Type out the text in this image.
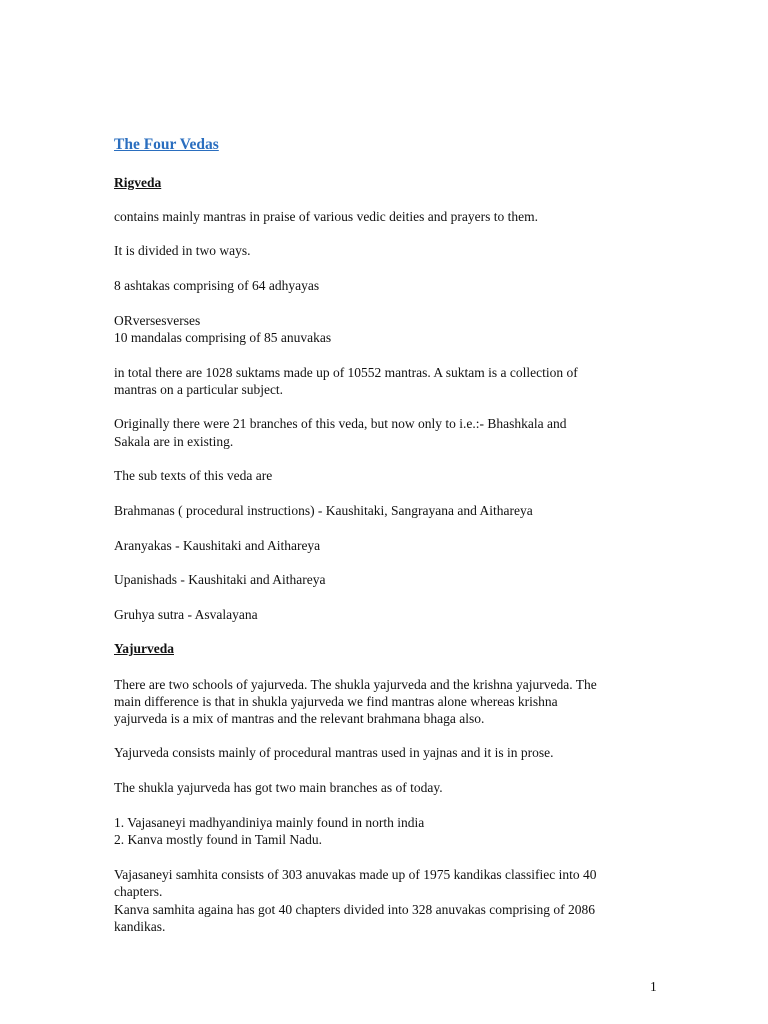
The Four Vedas
Rigveda
contains mainly mantras in praise of various vedic deities and prayers to them.
It is divided in two ways.
8 ashtakas comprising of 64 adhyayas
ORversesverses
10 mandalas comprising of 85 anuvakas
in total there are 1028 suktams made up of 10552 mantras. A suktam is a collection of
mantras on a particular subject.
Originally there were 21 branches of this veda, but now only to i.e.:- Bhashkala and
Sakala are in existing.
The sub texts of this veda are
Brahmanas ( procedural instructions) - Kaushitaki, Sangrayana and Aithareya
Aranyakas - Kaushitaki and Aithareya
Upanishads - Kaushitaki and Aithareya
Gruhya sutra - Asvalayana
Yajurveda
There are two schools of yajurveda. The shukla yajurveda and the krishna yajurveda. The
main difference is that in shukla yajurveda we find mantras alone whereas krishna
yajurveda is a mix of mantras and the relevant brahmana bhaga also.
Yajurveda consists mainly of procedural mantras used in yajnas and it is in prose.
The shukla yajurveda has got two main branches as of today.
1. Vajasaneyi madhyandiniya mainly found in north india
2. Kanva mostly found in Tamil Nadu.
Vajasaneyi samhita consists of 303 anuvakas made up of 1975 kandikas classifiec into 40
chapters.
Kanva samhita againa has got 40 chapters divided into 328 anuvakas comprising of 2086
kandikas.
1
